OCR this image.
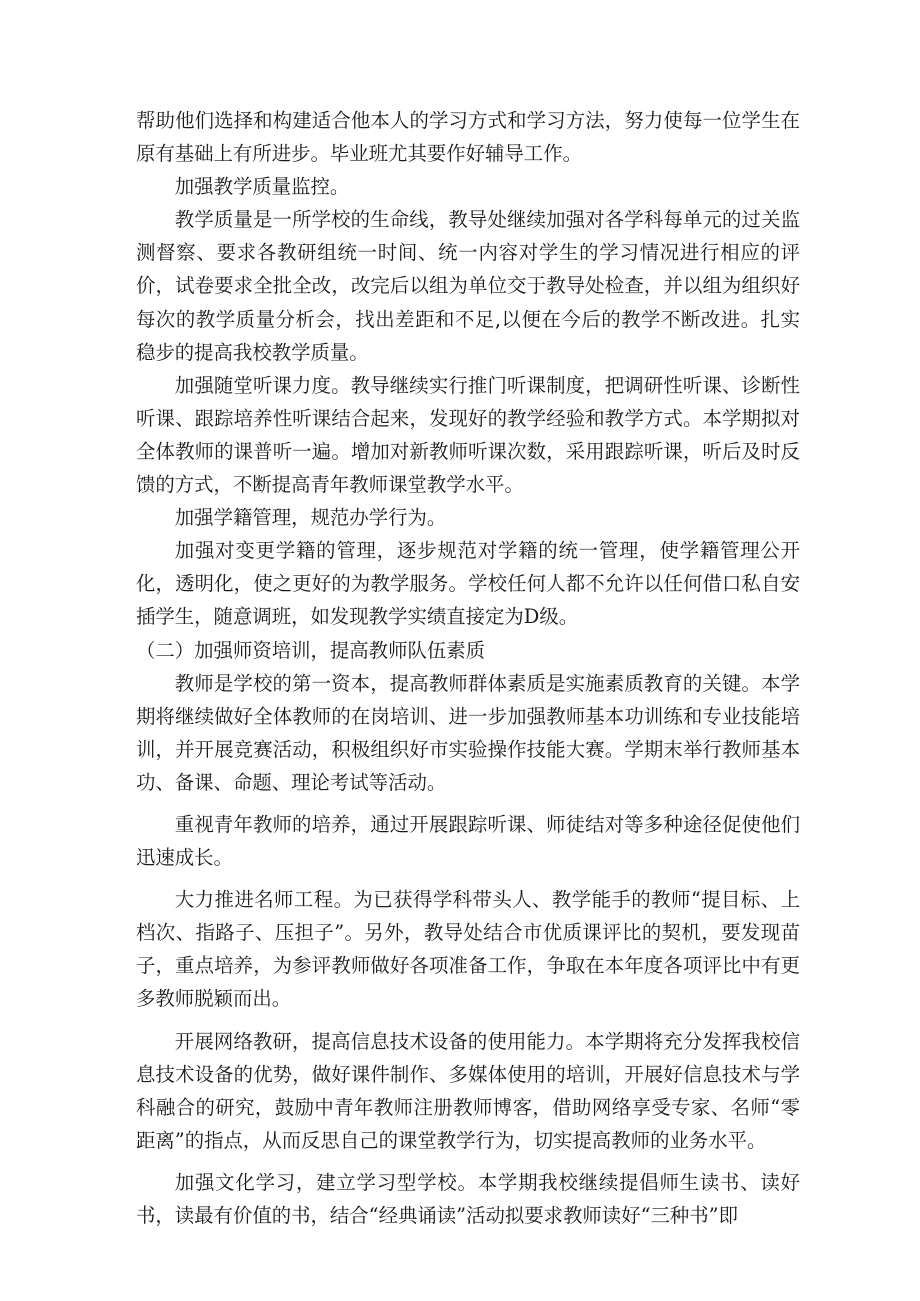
帮助他们选择和构建适合他本人的学习方式和学习方法，努力使每一位学生在原有基础上有所进步。毕业班尤其要作好辅导工作。

加强教学质量监控。

教学质量是一所学校的生命线，教导处继续加强对各学科每单元的过关监测督察、要求各教研组统一时间、统一内容对学生的学习情况进行相应的评价，试卷要求全批全改，改完后以组为单位交于教导处检查，并以组为组织好每次的教学质量分析会，找出差距和不足,以便在今后的教学不断改进。扎实稳步的提高我校教学质量。

加强随堂听课力度。教导继续实行推门听课制度，把调研性听课、诊断性听课、跟踪培养性听课结合起来，发现好的教学经验和教学方式。本学期拟对全体教师的课普听一遍。增加对新教师听课次数，采用跟踪听课，听后及时反馈的方式，不断提高青年教师课堂教学水平。

加强学籍管理，规范办学行为。

加强对变更学籍的管理，逐步规范对学籍的统一管理，使学籍管理公开化，透明化，使之更好的为教学服务。学校任何人都不允许以任何借口私自安插学生，随意调班，如发现教学实绩直接定为D级。

（二）加强师资培训，提高教师队伍素质

教师是学校的第一资本，提高教师群体素质是实施素质教育的关键。本学期将继续做好全体教师的在岗培训、进一步加强教师基本功训练和专业技能培训，并开展竞赛活动，积极组织好市实验操作技能大赛。学期末举行教师基本功、备课、命题、理论考试等活动。

重视青年教师的培养，通过开展跟踪听课、师徒结对等多种途径促使他们迅速成长。

大力推进名师工程。为已获得学科带头人、教学能手的教师“提目标、上档次、指路子、压担子”。另外，教导处结合市优质课评比的契机，要发现苗子，重点培养，为参评教师做好各项准备工作，争取在本年度各项评比中有更多教师脱颖而出。

开展网络教研，提高信息技术设备的使用能力。本学期将充分发挥我校信息技术设备的优势，做好课件制作、多媒体使用的培训，开展好信息技术与学科融合的研究，鼓励中青年教师注册教师博客，借助网络享受专家、名师“零距离”的指点，从而反思自己的课堂教学行为，切实提高教师的业务水平。

加强文化学习，建立学习型学校。本学期我校继续提倡师生读书、读好书，读最有价值的书，结合“经典诵读”活动拟要求教师读好“三种书”即
